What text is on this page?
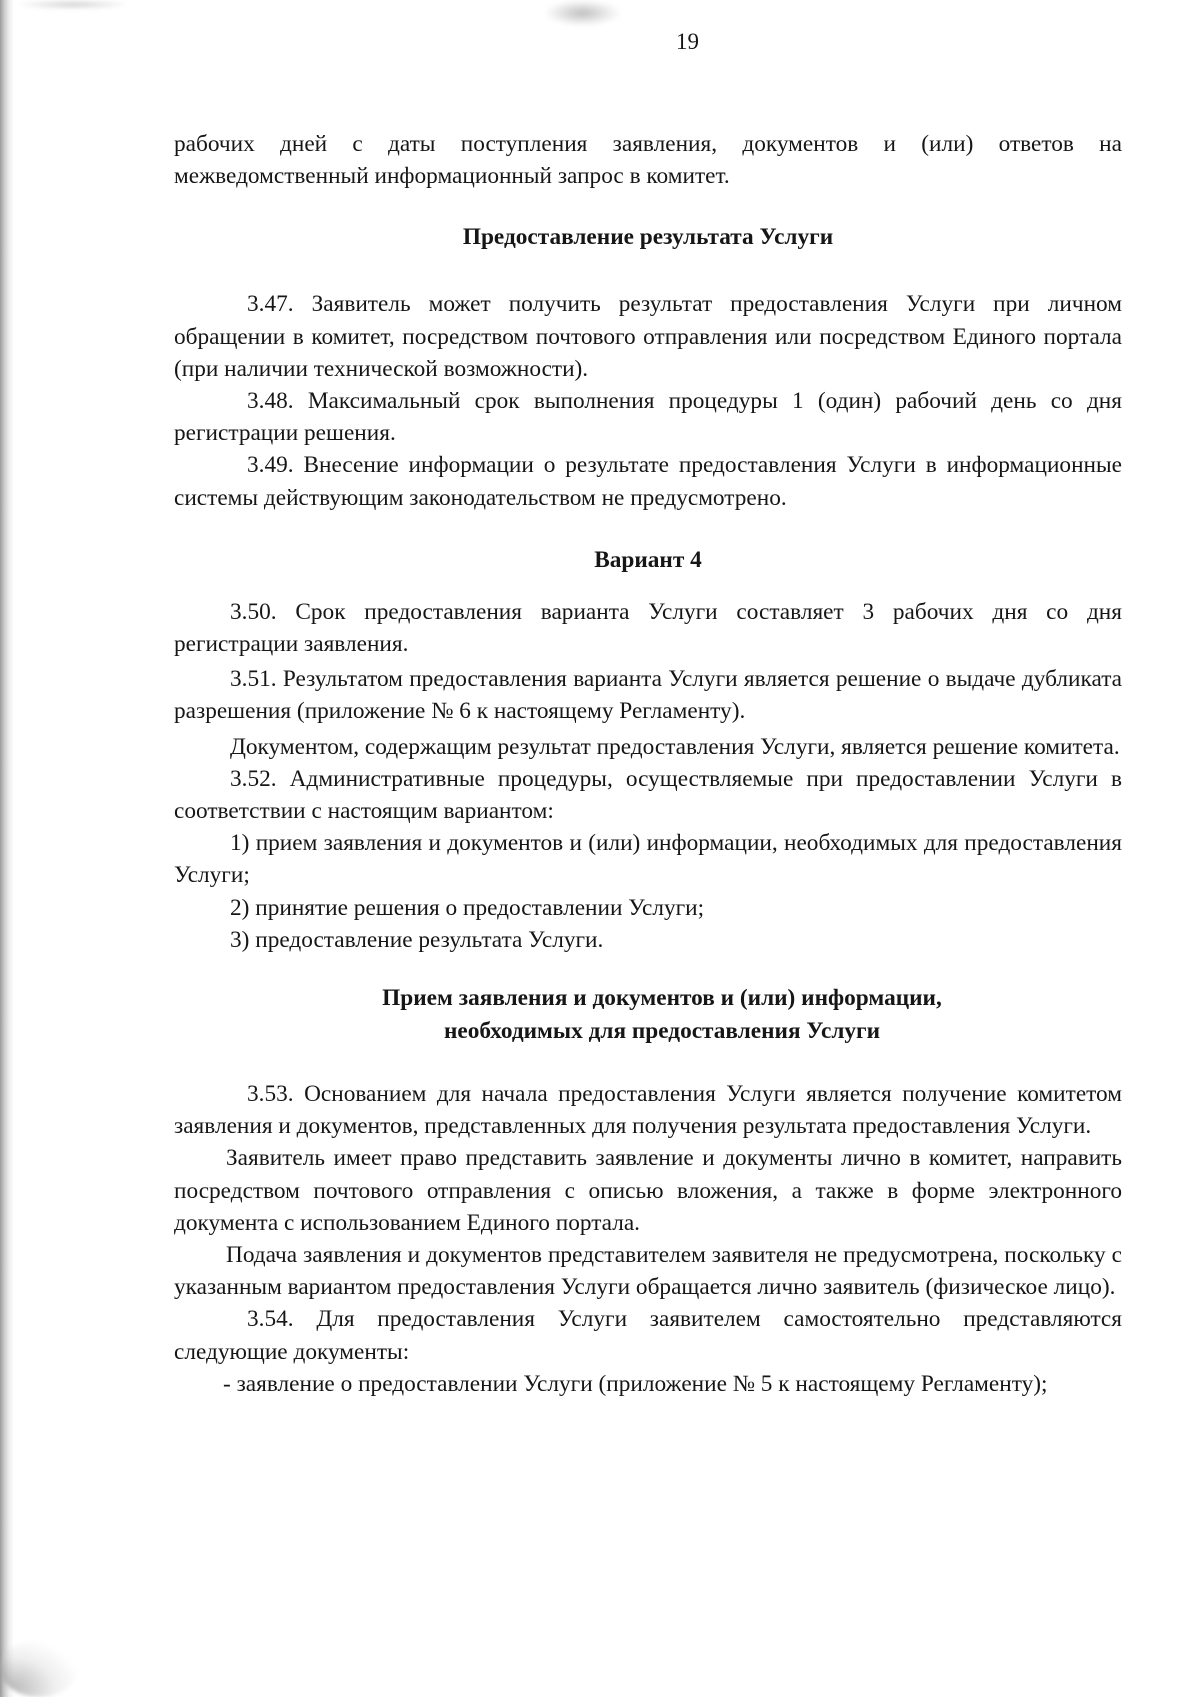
19

рабочих дней с даты поступления заявления, документов и (или) ответов на межведомственный информационный запрос в комитет.

Предоставление результата Услуги

3.47. Заявитель может получить результат предоставления Услуги при личном обращении в комитет, посредством почтового отправления или посредством Единого портала (при наличии технической возможности).

3.48. Максимальный срок выполнения процедуры 1 (один) рабочий день со дня регистрации решения.

3.49. Внесение информации о результате предоставления Услуги в информационные системы действующим законодательством не предусмотрено.

Вариант 4

3.50. Срок предоставления варианта Услуги составляет 3 рабочих дня со дня регистрации заявления.

3.51. Результатом предоставления варианта Услуги является решение о выдаче дубликата разрешения (приложение № 6 к настоящему Регламенту).

Документом, содержащим результат предоставления Услуги, является решение комитета.

3.52. Административные процедуры, осуществляемые при предоставлении Услуги в соответствии с настоящим вариантом:

1) прием заявления и документов и (или) информации, необходимых для предоставления Услуги;

2) принятие решения о предоставлении Услуги;

3) предоставление результата Услуги.

Прием заявления и документов и (или) информации,
необходимых для предоставления Услуги

3.53. Основанием для начала предоставления Услуги является получение комитетом заявления и документов, представленных для получения результата предоставления Услуги.

Заявитель имеет право представить заявление и документы лично в комитет, направить посредством почтового отправления с описью вложения, а также в форме электронного документа с использованием Единого портала.

Подача заявления и документов представителем заявителя не предусмотрена, поскольку с указанным вариантом предоставления Услуги обращается лично заявитель (физическое лицо).

3.54. Для предоставления Услуги заявителем самостоятельно представляются следующие документы:

- заявление о предоставлении Услуги (приложение № 5 к настоящему Регламенту);
